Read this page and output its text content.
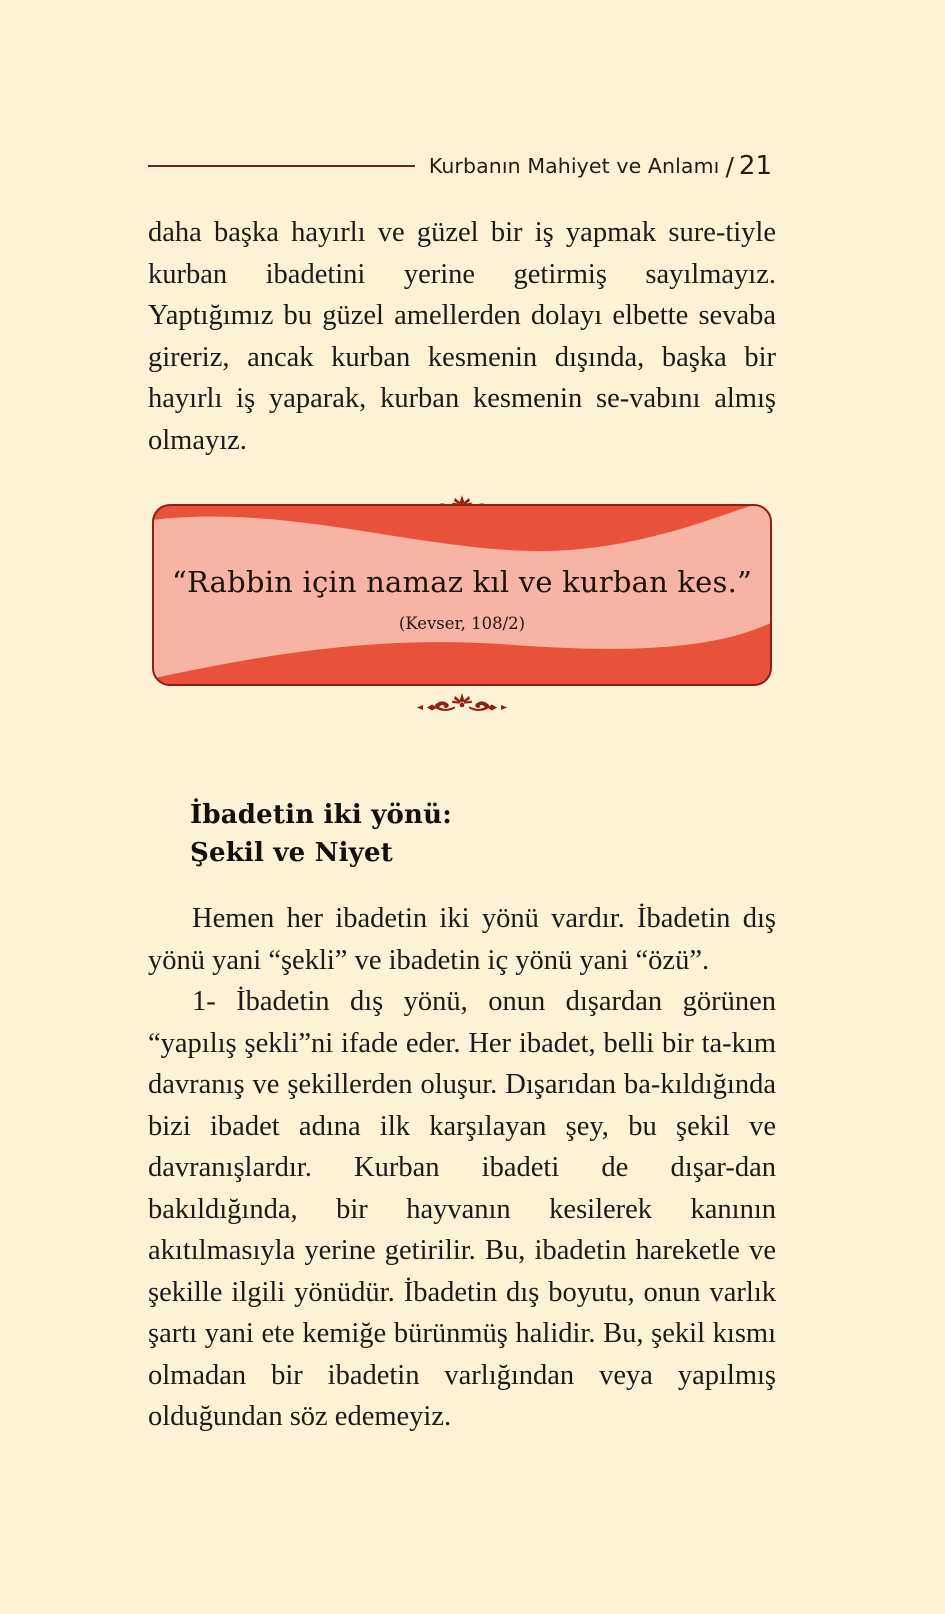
Kurbanın Mahiyet ve Anlamı / 21

daha başka hayırlı ve güzel bir iş yapmak sure-tiyle kurban ibadetini yerine getirmiş sayılmayız. Yaptığımız bu güzel amellerden dolayı elbette sevaba gireriz, ancak kurban kesmenin dışında, başka bir hayırlı iş yaparak, kurban kesmenin se-vabını almış olmayız.

“Rabbin için namaz kıl ve kurban kes.”
(Kevser, 108/2)
İbadetin iki yönü:
Şekil ve Niyet

Hemen her ibadetin iki yönü vardır. İbadetin dış yönü yani “şekli” ve ibadetin iç yönü yani “özü”.

1- İbadetin dış yönü, onun dışardan görünen “yapılış şekli”ni ifade eder. Her ibadet, belli bir ta-kım davranış ve şekillerden oluşur. Dışarıdan ba-kıldığında bizi ibadet adına ilk karşılayan şey, bu şekil ve davranışlardır. Kurban ibadeti de dışar-dan bakıldığında, bir hayvanın kesilerek kanının akıtılmasıyla yerine getirilir. Bu, ibadetin hareketle ve şekille ilgili yönüdür. İbadetin dış boyutu, onun varlık şartı yani ete kemiğe bürünmüş halidir. Bu, şekil kısmı olmadan bir ibadetin varlığından veya yapılmış olduğundan söz edemeyiz.
